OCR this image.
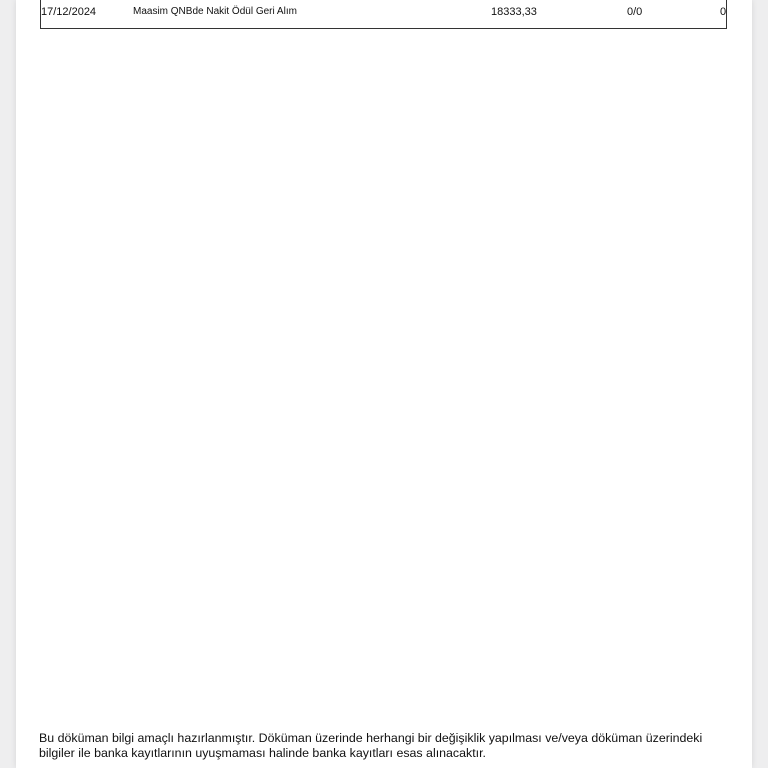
17/12/2024	Maasim QNBde Nakit Ödül Geri Alım	18333,33	0/0	0
Bu döküman bilgi amaçlı hazırlanmıştır. Döküman üzerinde herhangi bir değişiklik yapılması ve/veya döküman üzerindeki bilgiler ile banka kayıtlarının uyuşmaması halinde banka kayıtları esas alınacaktır.
